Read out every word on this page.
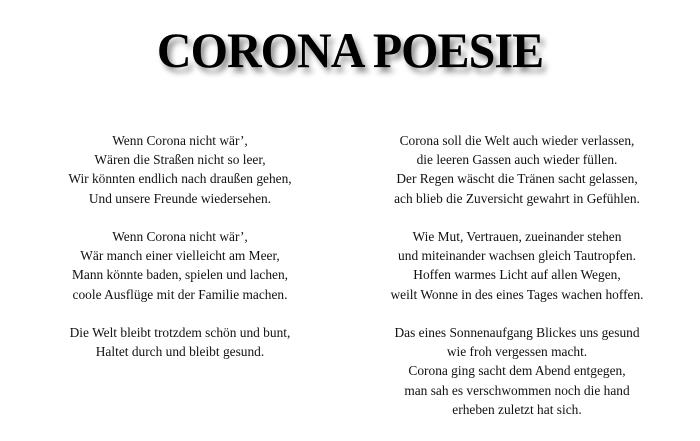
CORONA POESIE
Wenn Corona nicht wär’,
Wären die Straßen nicht so leer,
Wir könnten endlich nach draußen gehen,
Und unsere Freunde wiedersehen.
Wenn Corona nicht wär’,
Wär manch einer vielleicht am Meer,
Mann könnte baden, spielen und lachen,
coole Ausflüge mit der Familie machen.
Die Welt bleibt trotzdem schön und bunt,
Haltet durch und bleibt gesund.
Corona soll die Welt auch wieder verlassen,
die leeren Gassen auch wieder füllen.
Der Regen wäscht die Tränen sacht gelassen,
ach blieb die Zuversicht gewahrt in Gefühlen.
Wie Mut, Vertrauen, zueinander stehen
und miteinander wachsen gleich Tautropfen.
Hoffen warmes Licht auf allen Wegen,
weilt Wonne in des eines Tages wachen hoffen.
Das eines Sonnenaufgang Blickes uns gesund
wie froh vergessen macht.
Corona ging sacht dem Abend entgegen,
man sah es verschwommen noch die hand
erheben zuletzt hat sich.
